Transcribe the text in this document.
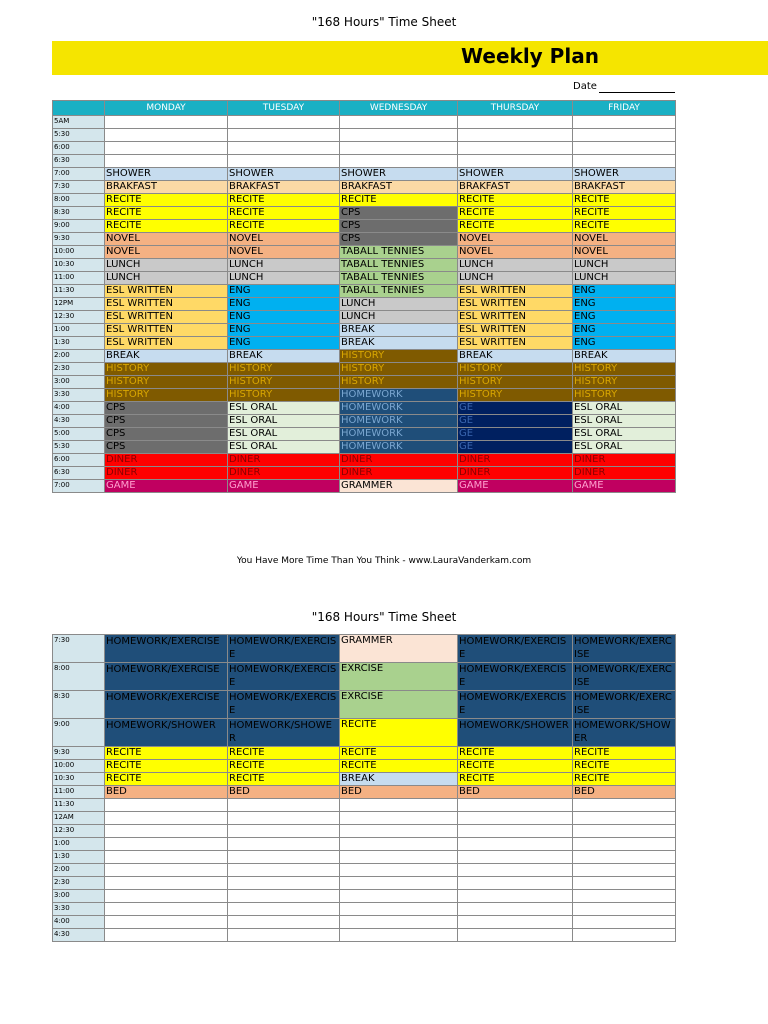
"168 Hours" Time Sheet
Weekly Plan
Date
	MONDAY	TUESDAY	WEDNESDAY	THURSDAY	FRIDAY
5AM					
5:30					
6:00					
6:30					
7:00	SHOWER	SHOWER	SHOWER	SHOWER	SHOWER
7:30	BRAKFAST	BRAKFAST	BRAKFAST	BRAKFAST	BRAKFAST
8:00	RECITE	RECITE	RECITE	RECITE	RECITE
8:30	RECITE	RECITE	CPS	RECITE	RECITE
9:00	RECITE	RECITE	CPS	RECITE	RECITE
9:30	NOVEL	NOVEL	CPS	NOVEL	NOVEL
10:00	NOVEL	NOVEL	TABALL TENNIES	NOVEL	NOVEL
10:30	LUNCH	LUNCH	TABALL TENNIES	LUNCH	LUNCH
11:00	LUNCH	LUNCH	TABALL TENNIES	LUNCH	LUNCH
11:30	ESL WRITTEN	ENG	TABALL TENNIES	ESL WRITTEN	ENG
12PM	ESL WRITTEN	ENG	LUNCH	ESL WRITTEN	ENG
12:30	ESL WRITTEN	ENG	LUNCH	ESL WRITTEN	ENG
1:00	ESL WRITTEN	ENG	BREAK	ESL WRITTEN	ENG
1:30	ESL WRITTEN	ENG	BREAK	ESL WRITTEN	ENG
2:00	BREAK	BREAK	HISTORY	BREAK	BREAK
2:30	HISTORY	HISTORY	HISTORY	HISTORY	HISTORY
3:00	HISTORY	HISTORY	HISTORY	HISTORY	HISTORY
3:30	HISTORY	HISTORY	HOMEWORK	HISTORY	HISTORY
4:00	CPS	ESL ORAL	HOMEWORK	GE	ESL ORAL
4:30	CPS	ESL ORAL	HOMEWORK	GE	ESL ORAL
5:00	CPS	ESL ORAL	HOMEWORK	GE	ESL ORAL
5:30	CPS	ESL ORAL	HOMEWORK	GE	ESL ORAL
6:00	DINER	DINER	DINER	DINER	DINER
6:30	DINER	DINER	DINER	DINER	DINER
7:00	GAME	GAME	GRAMMER	GAME	GAME
You Have More Time Than You Think - www.LauraVanderkam.com
"168 Hours" Time Sheet
7:30	HOMEWORK/EXERCISE	HOMEWORK/EXERCISE	GRAMMER	HOMEWORK/EXERCISE	HOMEWORK/EXERCISE
8:00	HOMEWORK/EXERCISE	HOMEWORK/EXERCISE	EXRCISE	HOMEWORK/EXERCISE	HOMEWORK/EXERCISE
8:30	HOMEWORK/EXERCISE	HOMEWORK/EXERCISE	EXRCISE	HOMEWORK/EXERCISE	HOMEWORK/EXERCISE
9:00	HOMEWORK/SHOWER	HOMEWORK/SHOWER	RECITE	HOMEWORK/SHOWER	HOMEWORK/SHOWER
9:30	RECITE	RECITE	RECITE	RECITE	RECITE
10:00	RECITE	RECITE	RECITE	RECITE	RECITE
10:30	RECITE	RECITE	BREAK	RECITE	RECITE
11:00	BED	BED	BED	BED	BED
11:30					
12AM					
12:30					
1:00					
1:30					
2:00					
2:30					
3:00					
3:30					
4:00					
4:30					
